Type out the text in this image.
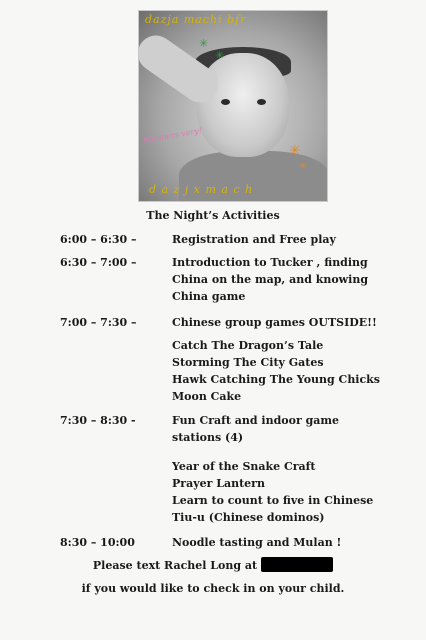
dazja machi bfr
Manners very!
d a z j x m a c h
✳
✳
✳
✳
The Night’s Activities
6:00 – 6:30 –	Registration and Free play
6:30 – 7:00 –	Introduction to Tucker , finding
China on the map, and knowing
China game
7:00 – 7:30 –	Chinese group games OUTSIDE!!
Catch The Dragon’s Tale
Storming The City Gates
Hawk Catching The Young Chicks
Moon Cake
7:30 – 8:30 -	Fun Craft and indoor game
stations (4)
Year of the Snake Craft
Prayer Lantern
Learn to count to five in Chinese
Tiu-u (Chinese dominos)
8:30 – 10:00	Noodle tasting and Mulan !
Please text Rachel Long at
if you would like to check in on your child.
